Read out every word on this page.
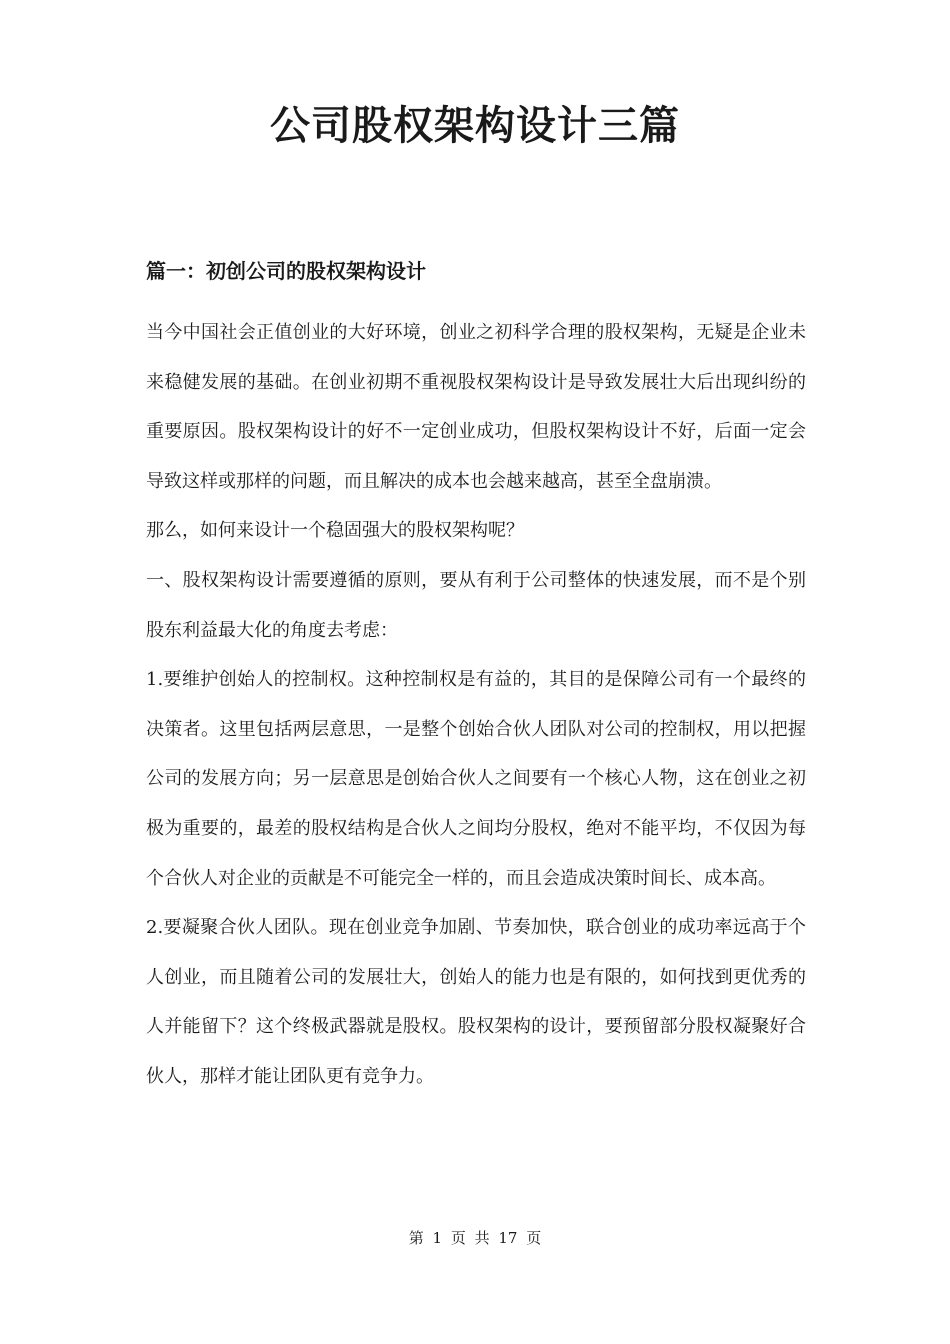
公司股权架构设计三篇
篇一：初创公司的股权架构设计

当今中国社会正值创业的大好环境，创业之初科学合理的股权架构，无疑是企业未来稳健发展的基础。在创业初期不重视股权架构设计是导致发展壮大后出现纠纷的重要原因。股权架构设计的好不一定创业成功，但股权架构设计不好，后面一定会导致这样或那样的问题，而且解决的成本也会越来越高，甚至全盘崩溃。

那么，如何来设计一个稳固强大的股权架构呢？

一、股权架构设计需要遵循的原则，要从有利于公司整体的快速发展，而不是个别股东利益最大化的角度去考虑：

1.要维护创始人的控制权。这种控制权是有益的，其目的是保障公司有一个最终的决策者。这里包括两层意思，一是整个创始合伙人团队对公司的控制权，用以把握公司的发展方向；另一层意思是创始合伙人之间要有一个核心人物，这在创业之初极为重要的，最差的股权结构是合伙人之间均分股权，绝对不能平均，不仅因为每个合伙人对企业的贡献是不可能完全一样的，而且会造成决策时间长、成本高。

2.要凝聚合伙人团队。现在创业竞争加剧、节奏加快，联合创业的成功率远高于个人创业，而且随着公司的发展壮大，创始人的能力也是有限的，如何找到更优秀的人并能留下？这个终极武器就是股权。股权架构的设计，要预留部分股权凝聚好合伙人，那样才能让团队更有竞争力。

第 1 页 共 17 页
